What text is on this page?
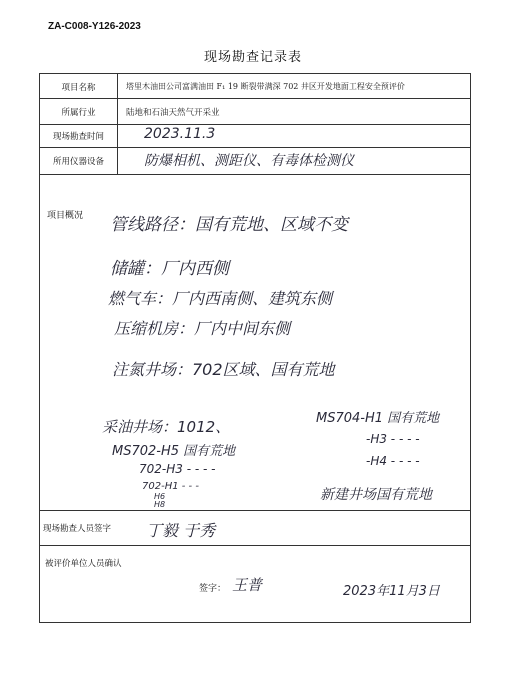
ZA-C008-Y126-2023
现场勘查记录表
项目名称	塔里木油田公司富满油田 F₁ 19 断裂带满深 702 井区开发地面工程安全预评价
所属行业	陆地和石油天然气开采业
现场勘查时间	2023.11.3
所用仪器设备	防爆相机、测距仪、有毒体检测仪
项目概况 管线路径：国有荒地、区域不变
储罐：厂内西侧
燃气车：厂内西南侧、建筑东侧
压缩机房：厂内中间东侧
注氮井场：702区域、国有荒地
采油井场：1012、
MS702-H5 国有荒地
702-H3 - - - -
702-H1 - - -
H6
H8
MS704-H1 国有荒地
-H3 - - - -
-H4 - - - -
新建井场国有荒地
现场勘查人员签字 丁毅 于秀
被评价单位人员确认
签字： 王普	2023年11月3日
